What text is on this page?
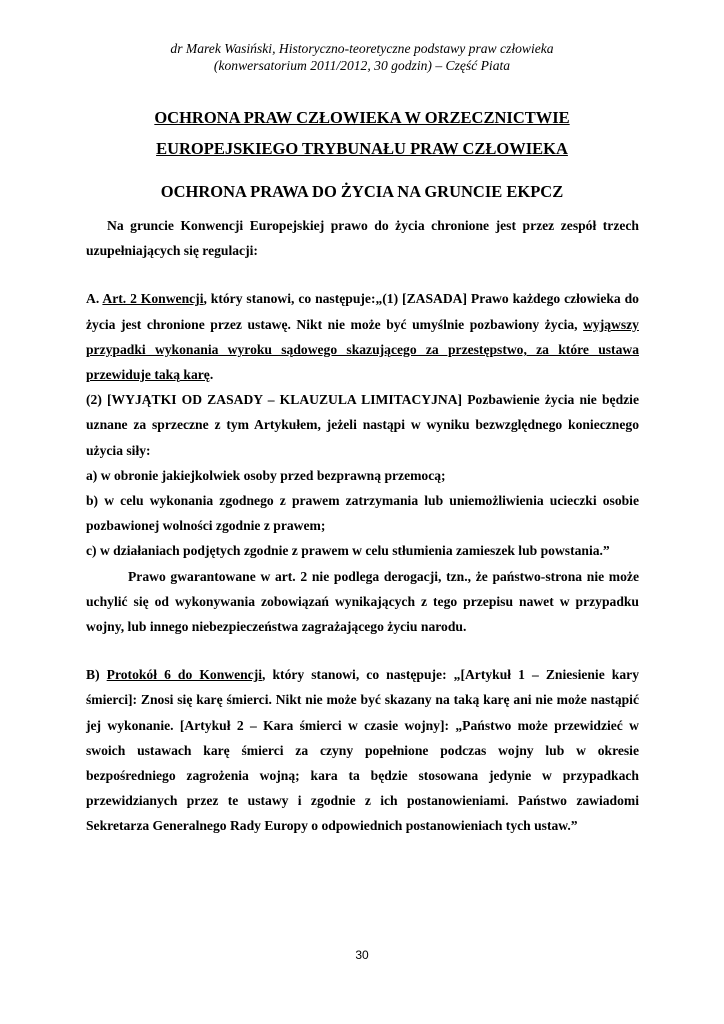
dr Marek Wasiński, Historyczno-teoretyczne podstawy praw człowieka
(konwersatorium 2011/2012, 30 godzin) – Część Piata
OCHRONA PRAW CZŁOWIEKA W ORZECZNICTWIE
EUROPEJSKIEGO TRYBUNAŁU PRAW CZŁOWIEKA
OCHRONA PRAWA DO ŻYCIA NA GRUNCIE EKPCZ

Na gruncie Konwencji Europejskiej prawo do życia chronione jest przez zespół trzech uzupełniających się regulacji:

A. Art. 2 Konwencji, który stanowi, co następuje:„(1) [ZASADA] Prawo każdego człowieka do życia jest chronione przez ustawę. Nikt nie może być umyślnie pozbawiony życia, wyjąwszy przypadki wykonania wyroku sądowego skazującego za przestępstwo, za które ustawa przewiduje taką karę.

(2) [WYJĄTKI OD ZASADY – KLAUZULA LIMITACYJNA] Pozbawienie życia nie będzie uznane za sprzeczne z tym Artykułem, jeżeli nastąpi w wyniku bezwzględnego koniecznego użycia siły:

a) w obronie jakiejkolwiek osoby przed bezprawną przemocą;

b) w celu wykonania zgodnego z prawem zatrzymania lub uniemożliwienia ucieczki osobie pozbawionej wolności zgodnie z prawem;

c) w działaniach podjętych zgodnie z prawem w celu stłumienia zamieszek lub powstania.”

Prawo gwarantowane w art. 2 nie podlega derogacji, tzn., że państwo-strona nie może uchylić się od wykonywania zobowiązań wynikających z tego przepisu nawet w przypadku wojny, lub innego niebezpieczeństwa zagrażającego życiu narodu.

B) Protokół 6 do Konwencji, który stanowi, co następuje: „[Artykuł 1 – Zniesienie kary śmierci]: Znosi się karę śmierci. Nikt nie może być skazany na taką karę ani nie może nastąpić jej wykonanie. [Artykuł 2 – Kara śmierci w czasie wojny]: „Państwo może przewidzieć w swoich ustawach karę śmierci za czyny popełnione podczas wojny lub w okresie bezpośredniego zagrożenia wojną; kara ta będzie stosowana jedynie w przypadkach przewidzianych przez te ustawy i zgodnie z ich postanowieniami. Państwo zawiadomi Sekretarza Generalnego Rady Europy o odpowiednich postanowieniach tych ustaw.”

30
